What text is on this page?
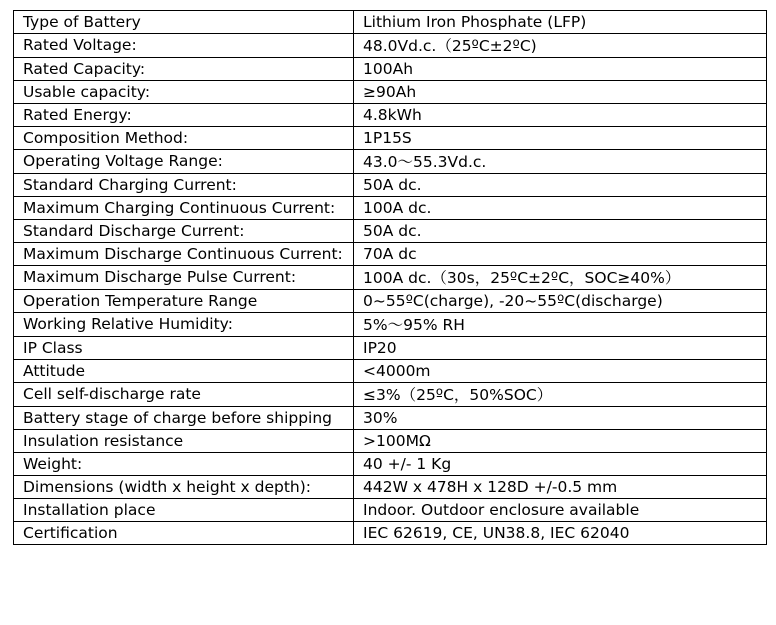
Type of Battery	Lithium Iron Phosphate (LFP)
Rated Voltage:	48.0Vd.c.（25ºC±2ºC)
Rated Capacity:	100Ah
Usable capacity:	≥90Ah
Rated Energy:	4.8kWh
Composition Method:	1P15S
Operating Voltage Range:	43.0～55.3Vd.c.
Standard Charging Current:	50A dc.
Maximum Charging Continuous Current:	100A dc.
Standard Discharge Current:	50A dc.
Maximum Discharge Continuous Current:	70A dc
Maximum Discharge Pulse Current:	100A dc.（30s，25ºC±2ºC，SOC≥40%）
Operation Temperature Range	0~55ºC(charge), -20~55ºC(discharge)
Working Relative Humidity:	5%～95% RH
IP Class	IP20
Attitude	<4000m
Cell self-discharge rate	≤3%（25ºC，50%SOC）
Battery stage of charge before shipping	30%
Insulation resistance	>100MΩ
Weight:	40 +/- 1 Kg
Dimensions (width x height x depth):	442W x 478H x 128D +/-0.5 mm
Installation place	Indoor. Outdoor enclosure available
Certification	IEC 62619, CE, UN38.8, IEC 62040
